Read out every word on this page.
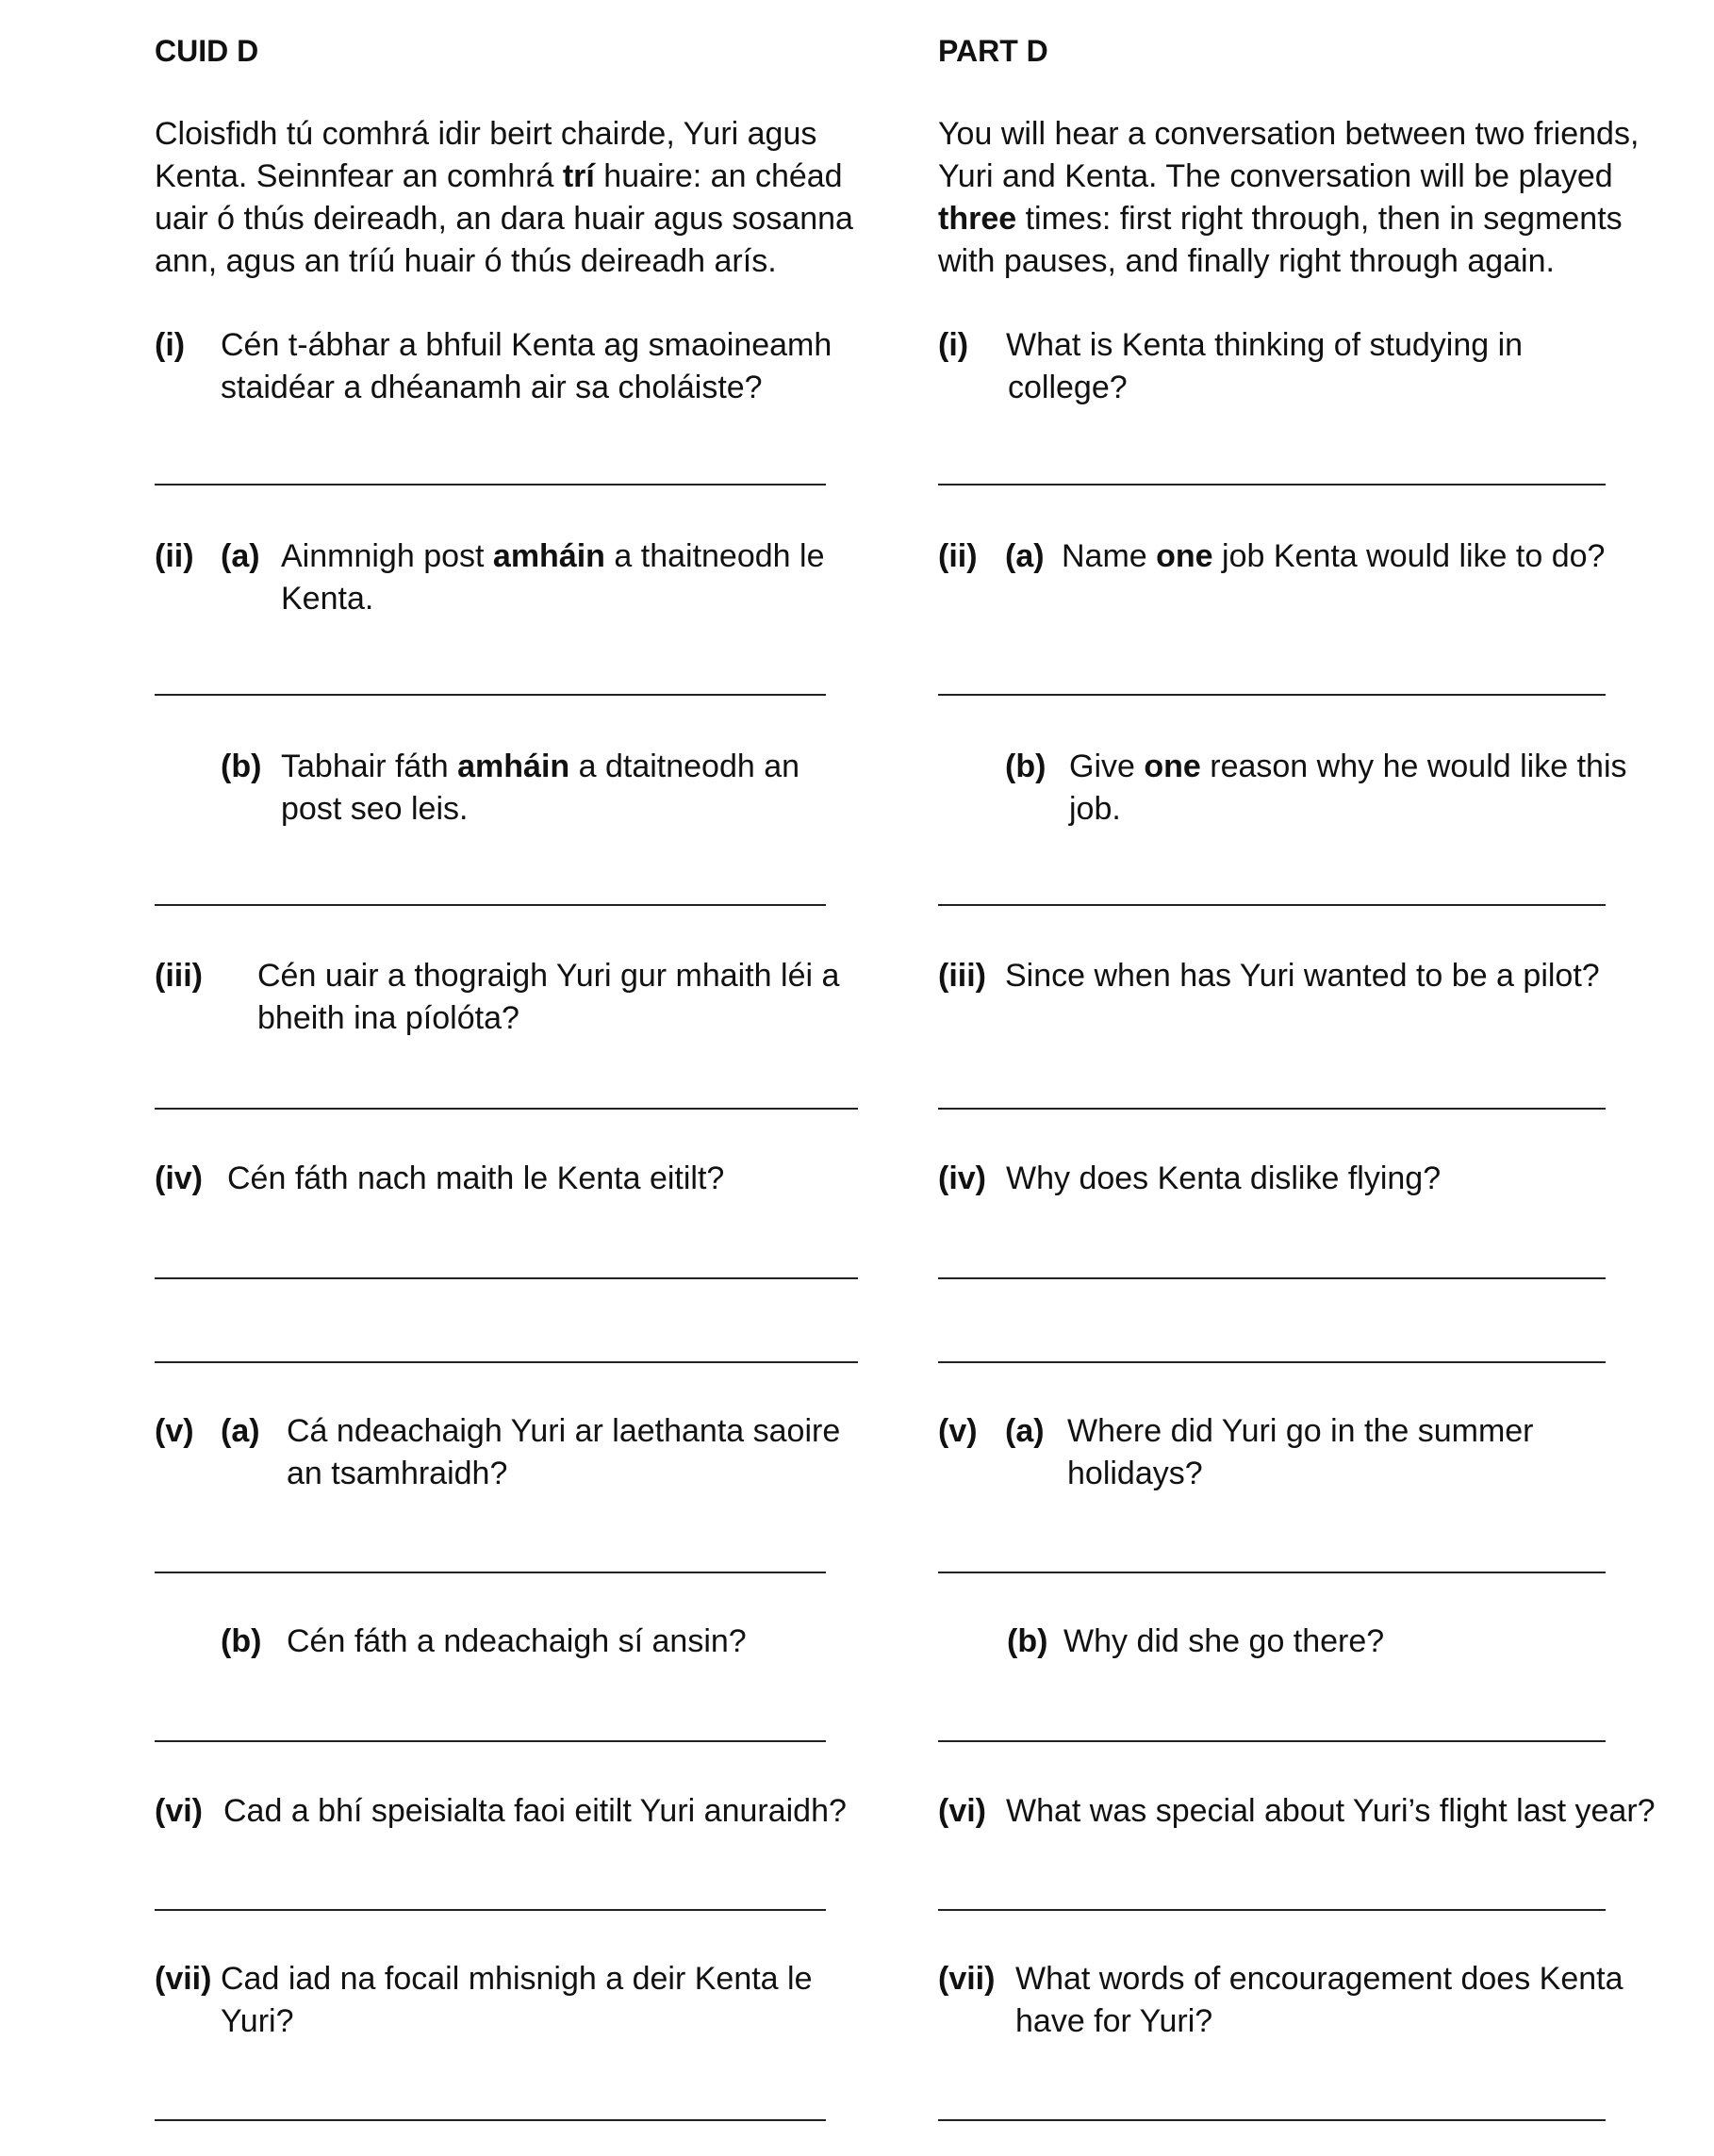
CUID D
Cloisfidh tú comhrá idir beirt chairde, Yuri agus
Kenta. Seinnfear an comhrá trí huaire: an chéad
uair ó thús deireadh, an dara huair agus sosanna
ann, agus an tríú huair ó thús deireadh arís.
(i) Cén t-ábhar a bhfuil Kenta ag smaoineamh
staidéar a dhéanamh air sa choláiste?
(ii) (a) Ainmnigh post amháin a thaitneodh le
Kenta.
(b) Tabhair fáth amháin a dtaitneodh an
post seo leis.
(iii) Cén uair a thograigh Yuri gur mhaith léi a
bheith ina píolóta?
(iv) Cén fáth nach maith le Kenta eitilt?
(v) (a) Cá ndeachaigh Yuri ar laethanta saoire
an tsamhraidh?
(b) Cén fáth a ndeachaigh sí ansin?
(vi) Cad a bhí speisialta faoi eitilt Yuri anuraidh?
(vii) Cad iad na focail mhisnigh a deir Kenta le
Yuri?
PART D
You will hear a conversation between two friends,
Yuri and Kenta. The conversation will be played
three times: first right through, then in segments
with pauses, and finally right through again.
(i) What is Kenta thinking of studying in
college?
(ii) (a) Name one job Kenta would like to do?
(b) Give one reason why he would like this
job.
(iii) Since when has Yuri wanted to be a pilot?
(iv) Why does Kenta dislike flying?
(v) (a) Where did Yuri go in the summer
holidays?
(b) Why did she go there?
(vi) What was special about Yuri’s flight last year?
(vii) What words of encouragement does Kenta
have for Yuri?
